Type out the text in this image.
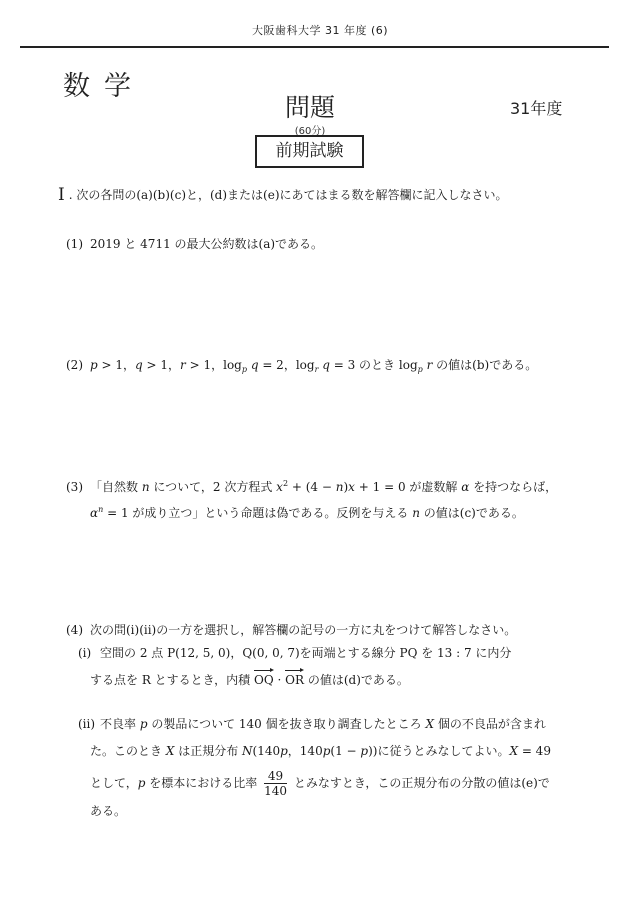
大阪歯科大学 31 年度 (6)
数学
問題
(60分)
前期試験
31年度
Ⅰ . 次の各問の(a)(b)(c)と，(d)または(e)にあてはまる数を解答欄に記入しなさい。
(1) 2019 と 4711 の最大公約数は(a)である。
(2) p > 1，q > 1，r > 1，$\log_p q = 2$，$\log_r q = 3$ のとき $\log_p r$ の値は(b)である。
(3) 「自然数 n について，2 次方程式 $x^2 + (4 - n)x + 1 = 0$ が虚数解 α を持つならば，
$\alpha^n = 1$ が成り立つ」という命題は偽である。反例を与える n の値は(c)である。
(4) 次の問(i)(ii)の一方を選択し，解答欄の記号の一方に丸をつけて解答しなさい。
(i) 空間の 2 点 P(12, 5, 0)，Q(0, 0, 7)を両端とする線分 PQ を 13 : 7 に内分
する点を R とするとき，内積 OQ · OR の値は(d)である。
(ii) 不良率 p の製品について 140 個を抜き取り調査したところ X 個の不良品が含まれ
た。このとき X は正規分布 N(140p，140p(1 − p))に従うとみなしてよい。X = 49
として，p を標本における比率 $\frac{49}{140}$ とみなすとき，この正規分布の分散の値は(e)で
ある。
